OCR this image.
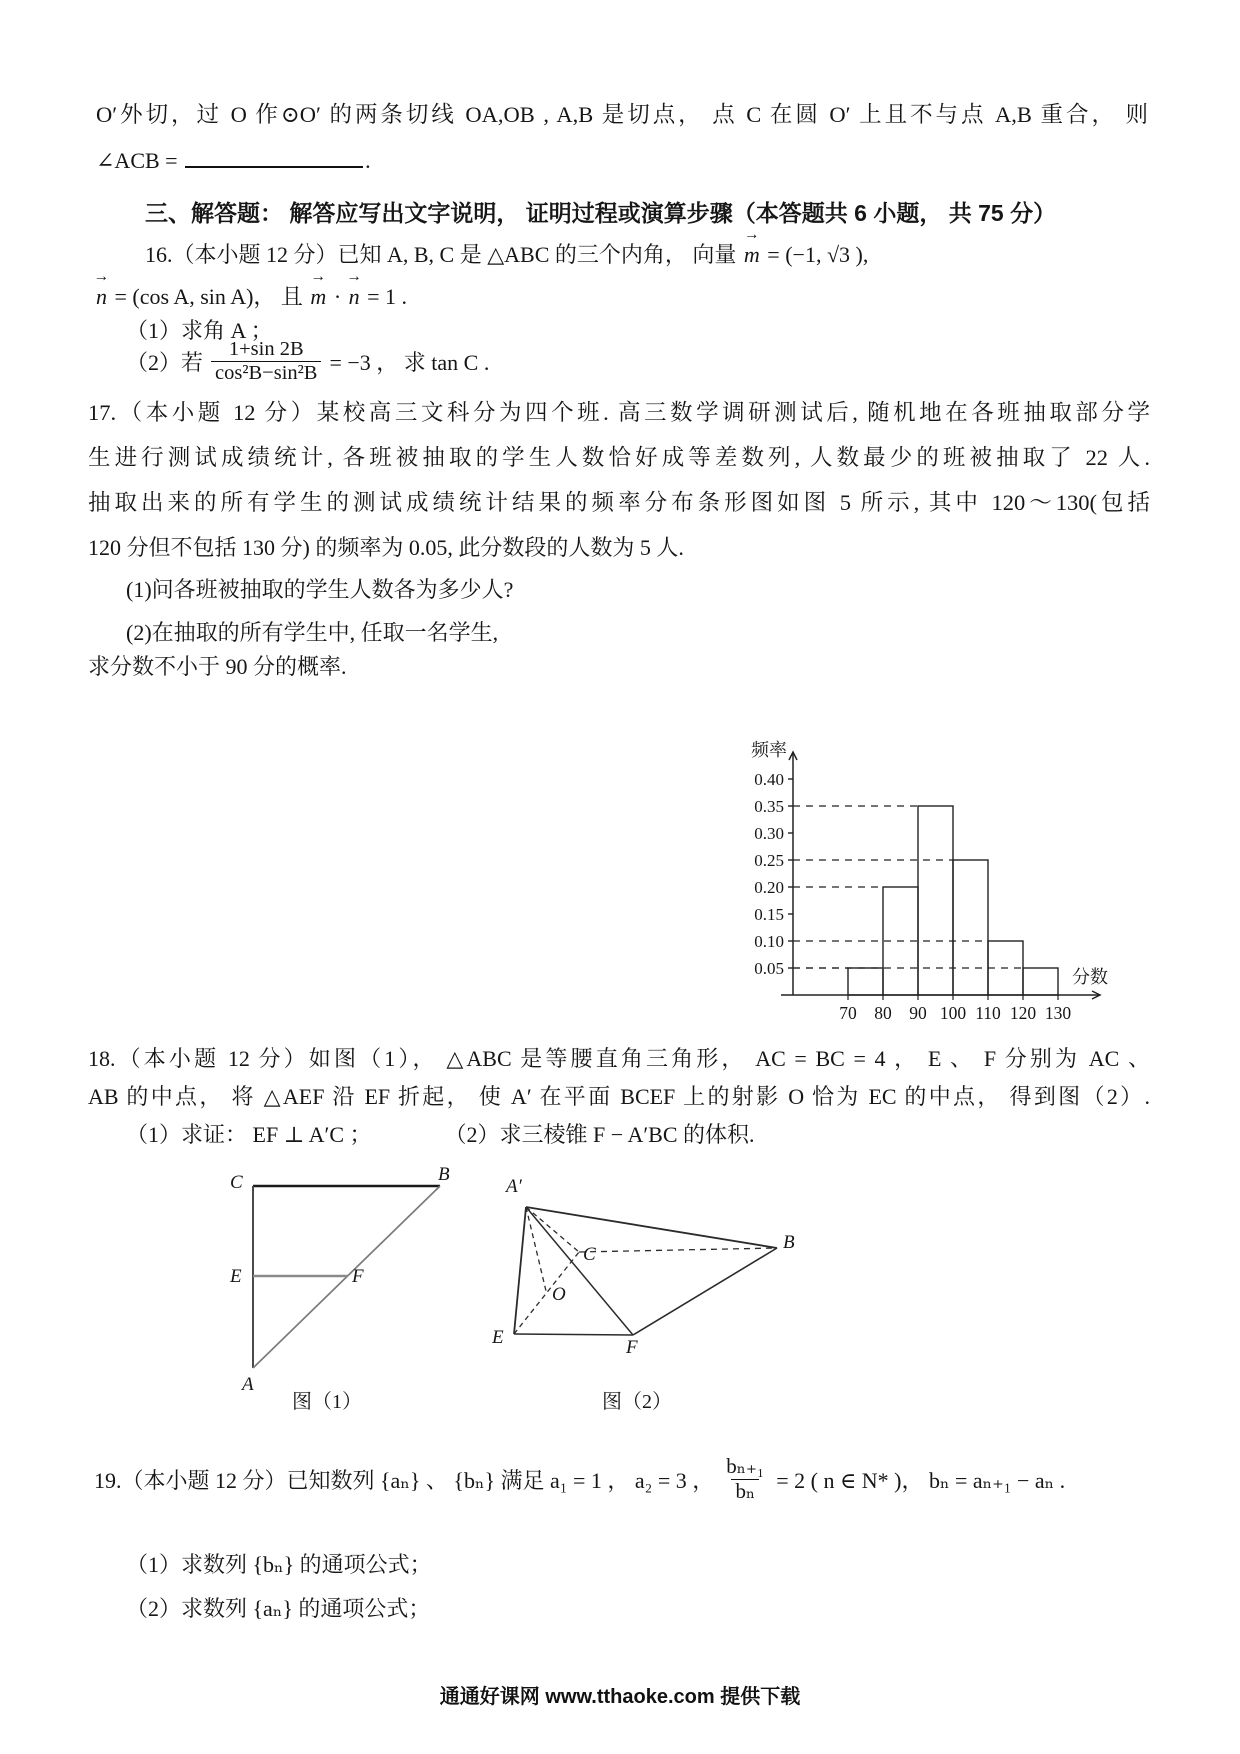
O′外切，过 O 作⊙O′ 的两条切线 OA,OB , A,B 是切点， 点 C 在圆 O′ 上且不与点 A,B 重合， 则
∠ACB =	.
三、解答题： 解答应写出文字说明， 证明过程或演算步骤（本答题共 6 小题， 共 75 分）
16.（本小题 12 分）已知 A, B, C 是 △ABC 的三个内角， 向量 → m = (−1, √3 ),
→ n = (cos A, sin A)， 且 → m · → n = 1 .
（1）求角 A ；
（2）若 $\frac{1+\sin 2B}{\text{cos²B−sin²B}} = -3$ ， 求 tan C .
17.（本小题 12 分）某校高三文科分为四个班. 高三数学调研测试后, 随机地在各班抽取部分学
生进行测试成绩统计, 各班被抽取的学生人数恰好成等差数列, 人数最少的班被抽取了 22 人.
抽取出来的所有学生的测试成绩统计结果的频率分布条形图如图 5 所示, 其中 120～130(包括
120 分但不包括 130 分) 的频率为 0.05, 此分数段的人数为 5 人.
(1)问各班被抽取的学生人数各为多少人?
(2)在抽取的所有学生中, 任取一名学生,
求分数不小于 90 分的概率.
0.05
0.10
0.15
0.20
0.25
0.30
0.35
0.40
70 80 90 100 110 120 130
频率
分数
18.（本小题 12 分）如图（1）， △ABC 是等腰直角三角形， AC = BC = 4 ， E 、 F 分别为 AC 、
AB 的中点， 将 △AEF 沿 EF 折起， 使 A′ 在平面 BCEF 上的射影 O 恰为 EC 的中点， 得到图（2）.
（1）求证： EF ⊥ A′C ；	（2）求三棱锥 F − A′BC 的体积.
C	B
E	F
A
图（1）
A′
B
C
O
E	F
图（2）
19.（本小题 12 分）已知数列 {aₙ} 、 {bₙ} 满足 a₁ = 1 ， a₂ = 3 ， $\frac{\text{bₙ₊₁}}{\text{bₙ}} = 2$ ( n ∈ N* )， bₙ = aₙ₊₁ − aₙ .
（1）求数列 {bₙ} 的通项公式；
（2）求数列 {aₙ} 的通项公式；
通通好课网 www.tthaoke.com 提供下载
